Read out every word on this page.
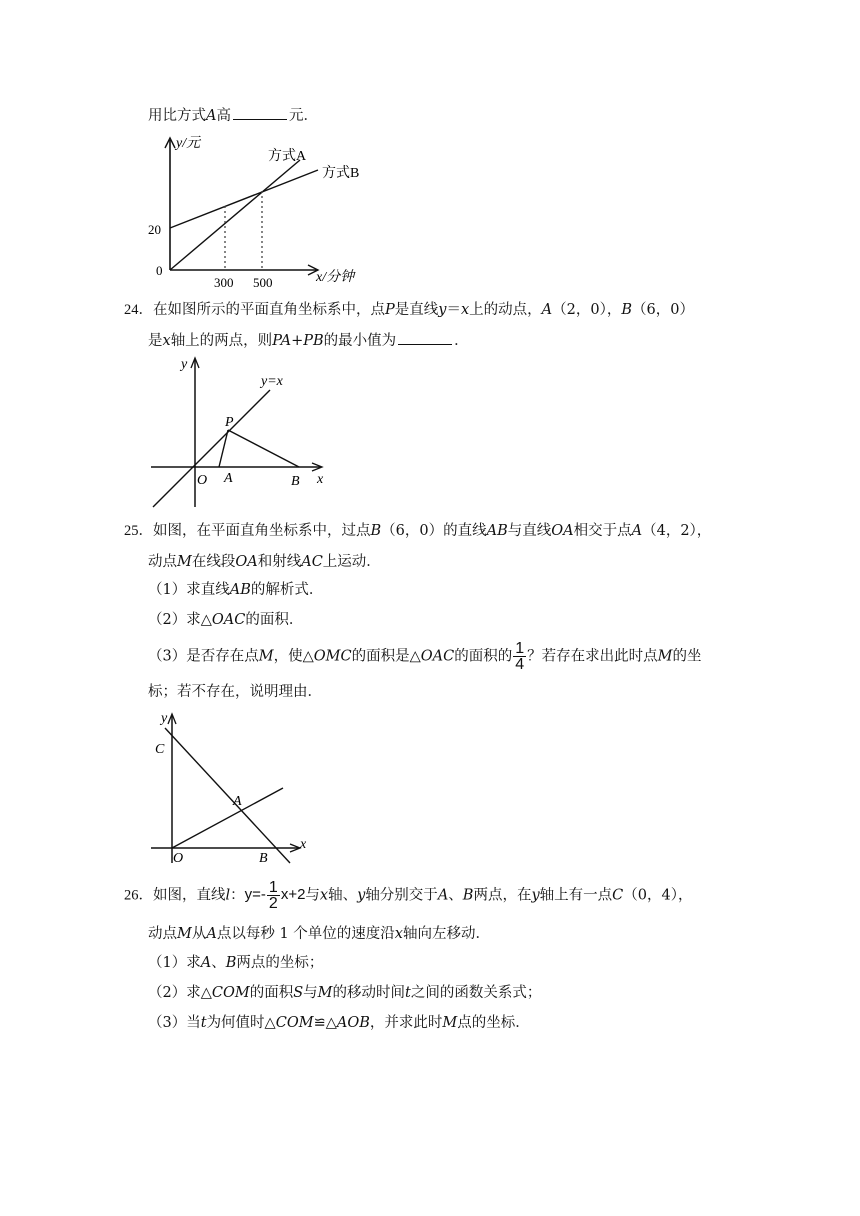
用比方式A高	元．
y/元
方式A
方式B
20
0
300 500	x/分钟
24．在如图所示的平面直角坐标系中，点P是直线y＝x上的动点，A（2，0），B（6，0）
是x轴上的两点，则PA+PB的最小值为	．
y
y=x
P
O A	B x
25．如图，在平面直角坐标系中，过点B（6，0）的直线AB与直线OA相交于点A（4，2），
动点M在线段OA和射线AC上运动．
（1）求直线AB的解析式．
（2）求△OAC的面积．
（3）是否存在点M，使△OMC的面积是△OAC的面积的 $\frac{1}{4}$ ？若存在求出此时点M的坐
标；若不存在，说明理由．
y
C
A
O	B
x
26．如图，直线l：$y=- \frac{1}{2} x+2$与x轴、y轴分别交于A、B两点，在y轴上有一点C（0，4），
动点M从A点以每秒 1 个单位的速度沿x轴向左移动．
（1）求A、B两点的坐标；
（2）求△COM的面积S与M的移动时间t之间的函数关系式；
（3）当t为何值时△COM≌△AOB，并求此时M点的坐标．
